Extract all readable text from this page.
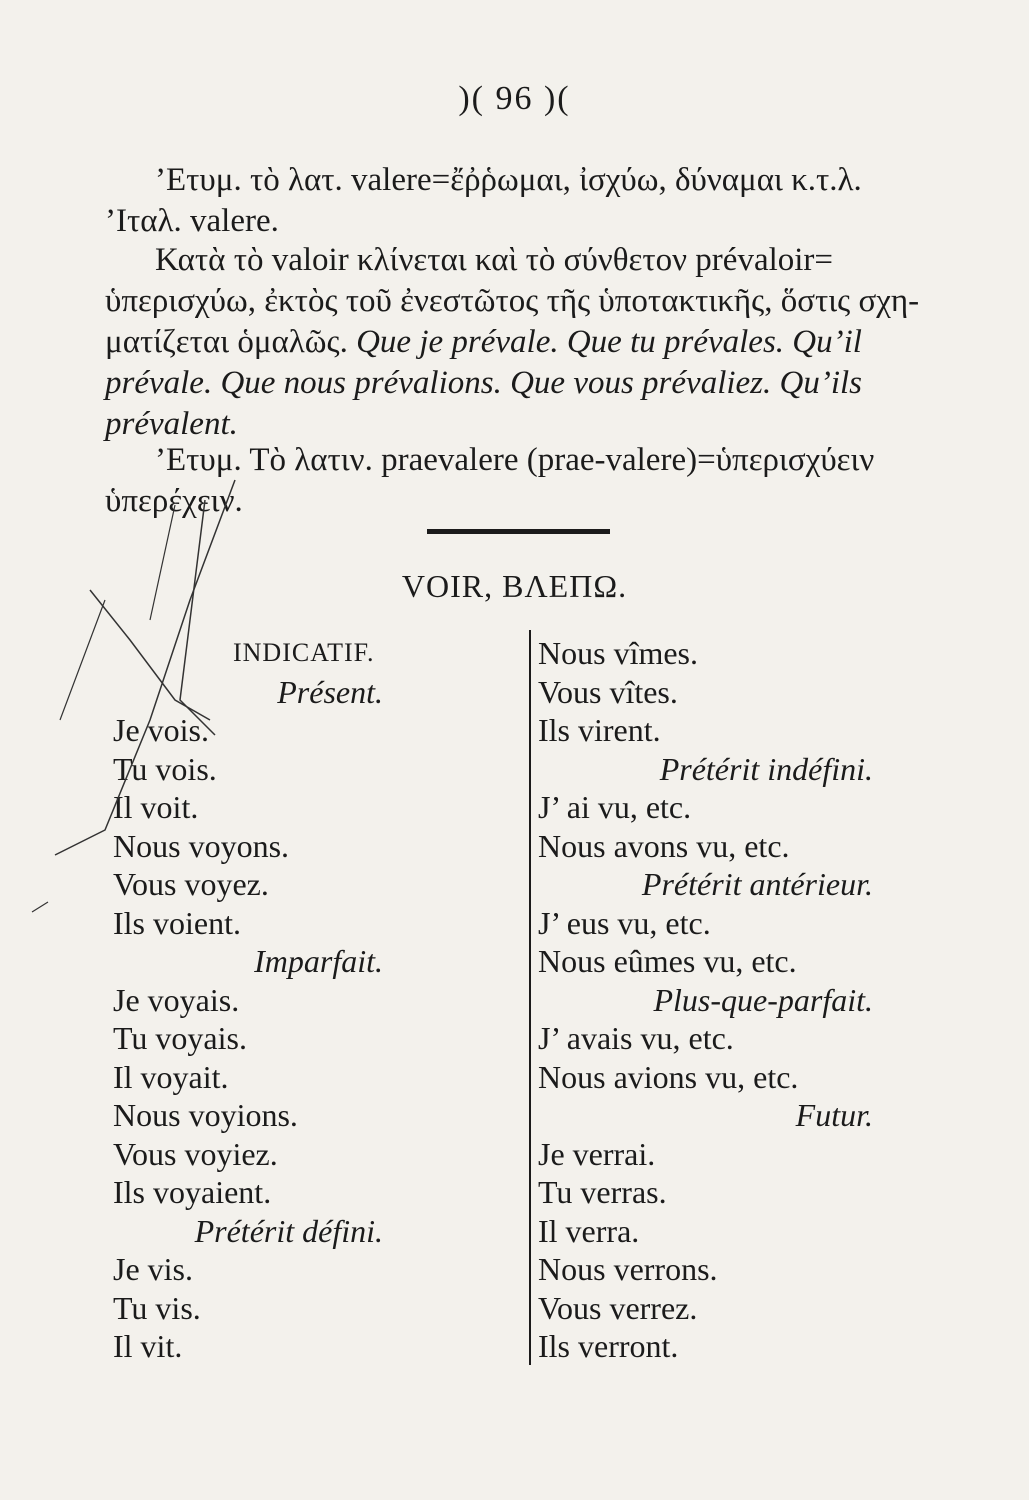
)( 96 )(
’Ετυμ. τὸ λατ. valere=ἔῤῥωμαι, ἰσχύω, δύναμαι κ.τ.λ.
’Ιταλ. valere.
Κατὰ τὸ valoir κλίνεται καὶ τὸ σύνθετον prévaloir=
ὑπερισχύω, ἐκτὸς τοῦ ἐνεστῶτος τῆς ὑποτακτικῆς, ὅστις σχη-
ματίζεται ὁμαλῶς. Que je prévale. Que tu prévales. Qu’il
prévale. Que nous prévalions. Que vous prévaliez. Qu’ils
prévalent.
’Ετυμ. Τὸ λατιν. praevalere (prae-valere)=ὑπερισχύειν
ὑπερέχειν.
VOIR, ΒΛΕΠΩ.
INDICATIF.
Présent.
Je vois.
Tu vois.
Il voit.
Nous voyons.
Vous voyez.
Ils voient.
Imparfait.
Je voyais.
Tu voyais.
Il voyait.
Nous voyions.
Vous voyiez.
Ils voyaient.
Prétérit défini.
Je vis.
Tu vis.
Il vit.
Nous vîmes.
Vous vîtes.
Ils virent.
Prétérit indéfini.
J’ ai vu, etc.
Nous avons vu, etc.
Prétérit antérieur.
J’ eus vu, etc.
Nous eûmes vu, etc.
Plus-que-parfait.
J’ avais vu, etc.
Nous avions vu, etc.
Futur.
Je verrai.
Tu verras.
Il verra.
Nous verrons.
Vous verrez.
Ils verront.
